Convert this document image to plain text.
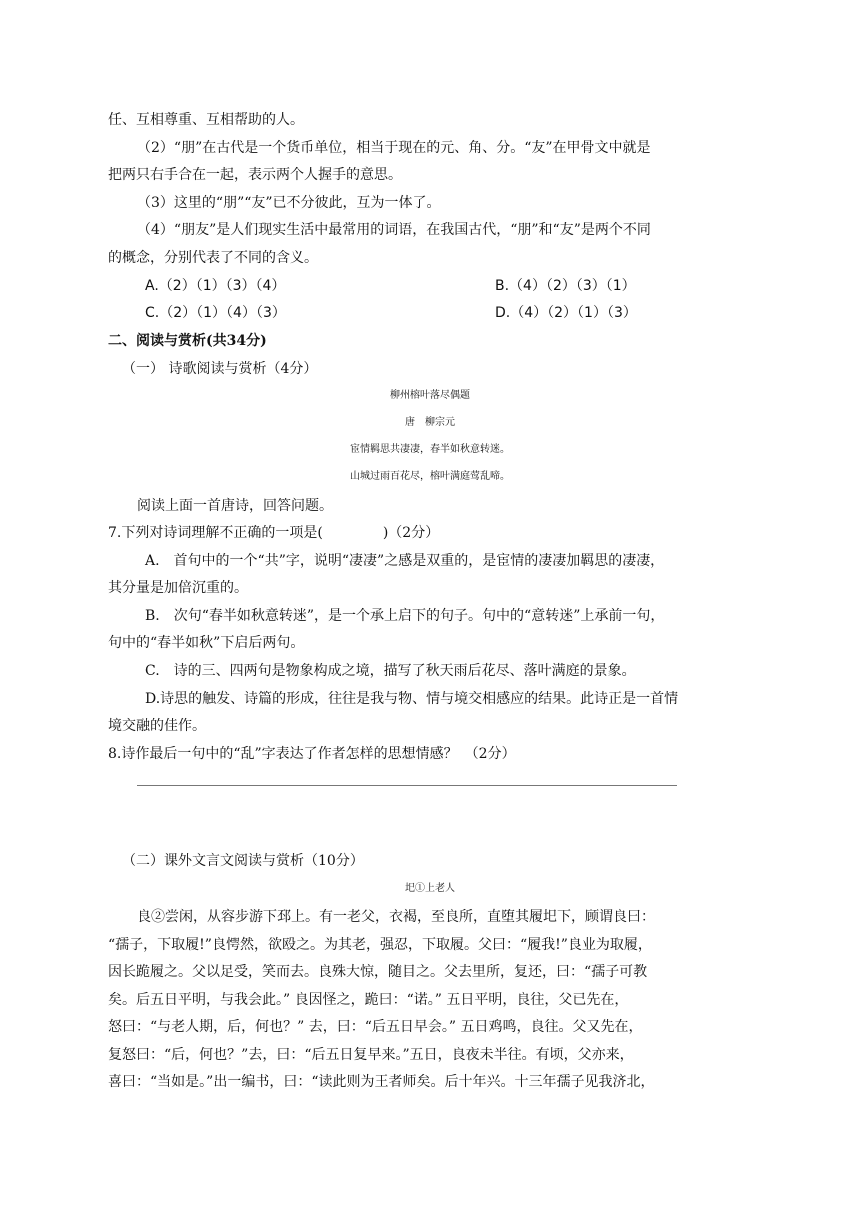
任、互相尊重、互相帮助的人。
（2）“朋”在古代是一个货币单位，相当于现在的元、角、分。“友”在甲骨文中就是
把两只右手合在一起，表示两个人握手的意思。
（3）这里的“朋”“友”已不分彼此，互为一体了。
（4）“朋友”是人们现实生活中最常用的词语，在我国古代，“朋”和“友”是两个不同
的概念，分别代表了不同的含义。
A.（2）（1）（3）（4）	B.（4）（2）（3）（1）
C.（2）（1）（4）（3）	D.（4）（2）（1）（3）
二、阅读与赏析(共34分)
（一） 诗歌阅读与赏析（4分）
柳州榕叶落尽偶题
唐　柳宗元
宦情羁思共凄凄，春半如秋意转迷。
山城过雨百花尽，榕叶满庭莺乱啼。
阅读上面一首唐诗，回答问题。
7.下列对诗词理解不正确的一项是(	)（2分）
A.　首句中的一个“共”字，说明“凄凄”之感是双重的，是宦情的凄凄加羁思的凄凄，
其分量是加倍沉重的。
B.　次句“春半如秋意转迷”，是一个承上启下的句子。句中的“意转迷”上承前一句，
句中的“春半如秋”下启后两句。
C.　诗的三、四两句是物象构成之境，描写了秋天雨后花尽、落叶满庭的景象。
D.诗思的触发、诗篇的形成，往往是我与物、情与境交相感应的结果。此诗正是一首情
境交融的佳作。
8.诗作最后一句中的“乱”字表达了作者怎样的思想情感？　（2分）
（二）课外文言文阅读与赏析（10分）
圯①上老人
良②尝闲，从容步游下邳上。有一老父，衣褐，至良所，直堕其履圯下，顾谓良曰：
“孺子，下取履!”良愕然，欲殴之。为其老，强忍，下取履。父曰：“履我!”良业为取履，
因长跪履之。父以足受，笑而去。良殊大惊，随目之。父去里所，复还，曰：“孺子可教
矣。后五日平明，与我会此。” 良因怪之，跪曰：“诺。” 五日平明，良往，父已先在，
怒曰：“与老人期，后，何也？” 去，曰：“后五日早会。” 五日鸡鸣，良往。父又先在，
复怒曰：“后，何也？”去，曰：“后五日复早来。”五日，良夜未半往。有顷，父亦来，
喜曰：“当如是。”出一编书，曰：“读此则为王者师矣。后十年兴。十三年孺子见我济北，
